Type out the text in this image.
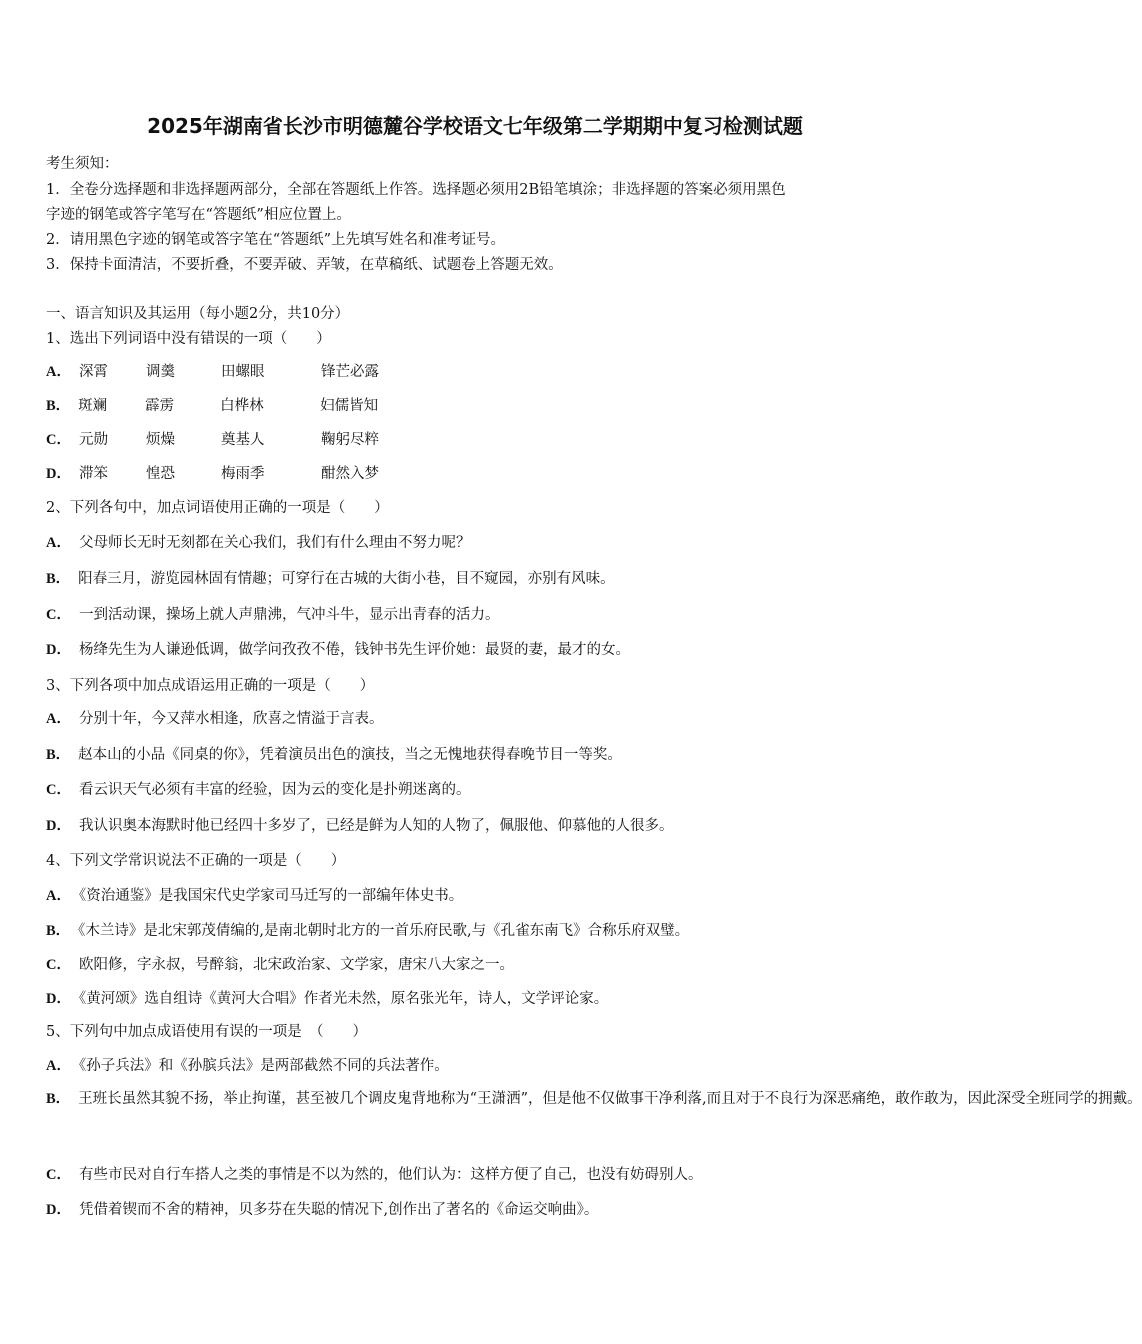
2025年湖南省长沙市明德麓谷学校语文七年级第二学期期中复习检测试题
考生须知：
1．全卷分选择题和非选择题两部分，全部在答题纸上作答。选择题必须用2B铅笔填涂；非选择题的答案必须用黑色
字迹的钢笔或答字笔写在“答题纸”相应位置上。
2．请用黑色字迹的钢笔或答字笔在“答题纸”上先填写姓名和准考证号。
3．保持卡面清洁，不要折叠，不要弄破、弄皱，在草稿纸、试题卷上答题无效。
一、语言知识及其运用（每小题2分，共10分）
1、选出下列词语中没有错误的一项（　　）
A． 深霄	调羹	田螺眼	锋芒必露
B． 斑斓	霹雳	白桦林	妇儒皆知
C． 元勋	烦燥	奠基人	鞠躬尽粹
D． 滞笨	惶恐	梅雨季	酣然入梦
2、下列各句中，加点词语使用正确的一项是（　　）
A． 父母师长无时无刻都在关心我们，我们有什么理由不努力呢？
B． 阳春三月，游览园林固有情趣；可穿行在古城的大街小巷，目不窥园，亦别有风味。
C． 一到活动课，操场上就人声鼎沸，气冲斗牛，显示出青春的活力。
D． 杨绛先生为人谦逊低调，做学问孜孜不倦，钱钟书先生评价她：最贤的妻，最才的女。
3、下列各项中加点成语运用正确的一项是（　　）
A． 分别十年，今又萍水相逢，欣喜之情溢于言表。
B． 赵本山的小品《同桌的你》，凭着演员出色的演技，当之无愧地获得春晚节目一等奖。
C． 看云识天气必须有丰富的经验，因为云的变化是扑朔迷离的。
D． 我认识奥本海默时他已经四十多岁了，已经是鲜为人知的人物了，佩服他、仰慕他的人很多。
4、下列文学常识说法不正确的一项是（　　）
A． 《资治通鉴》是我国宋代史学家司马迁写的一部编年体史书。
B． 《木兰诗》是北宋郭茂倩编的,是南北朝时北方的一首乐府民歌,与《孔雀东南飞》合称乐府双璧。
C． 欧阳修，字永叔，号醉翁，北宋政治家、文学家，唐宋八大家之一。
D． 《黄河颂》选自组诗《黄河大合唱》作者光未然，原名张光年，诗人，文学评论家。
5、下列句中加点成语使用有误的一项是　（　　）
A． 《孙子兵法》和《孙膑兵法》是两部截然不同的兵法著作。
B． 王班长虽然其貌不扬，举止拘谨，甚至被几个调皮鬼背地称为“王潇洒”，但是他不仅做事干净利落,而且对于不良行为深恶痛绝，敢作敢为，因此深受全班同学的拥戴。
C． 有些市民对自行车搭人之类的事情是不以为然的，他们认为：这样方便了自己，也没有妨碍别人。
D． 凭借着锲而不舍的精神，贝多芬在失聪的情况下,创作出了著名的《命运交响曲》。
